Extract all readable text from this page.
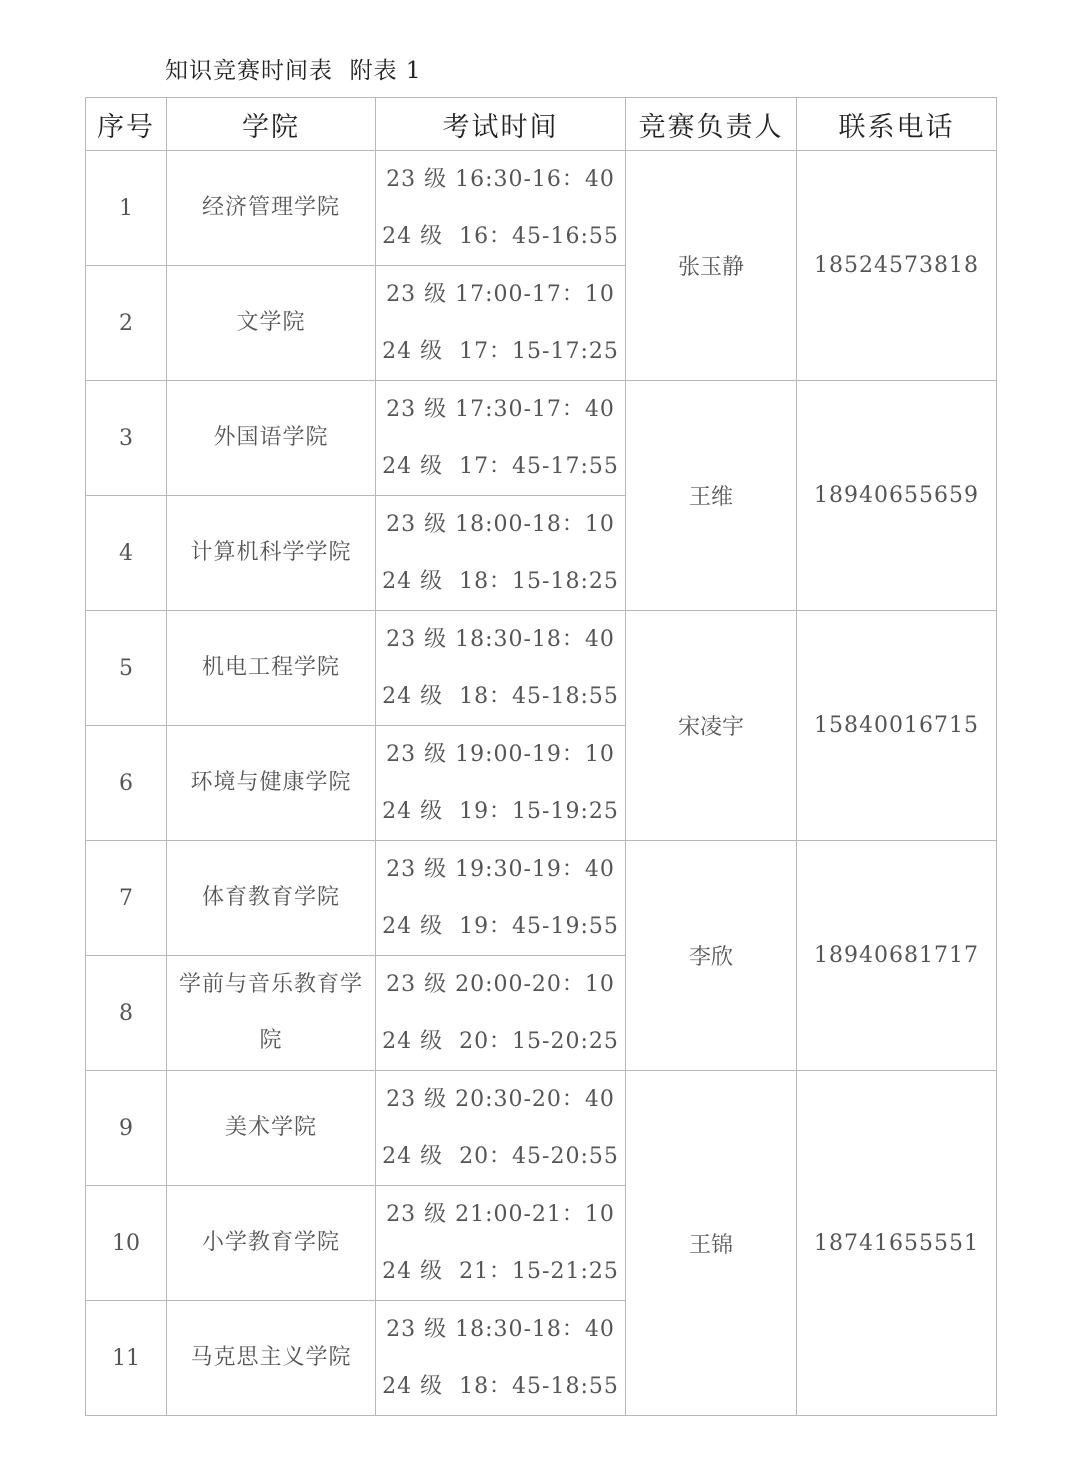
知识竞赛时间表  附表 1
序号	学院	考试时间	竞赛负责人	联系电话
1	经济管理学院	23 级 16:30-16：40
24 级  16：45-16:55	张玉静	18524573818
2	文学院	23 级 17:00-17：10
24 级  17：15-17:25		

3	外国语学院	23 级 17:30-17：40
24 级  17：45-17:55	王维	18940655659
4	计算机科学学院	23 级 18:00-18：10
24 级  18：15-18:25		

5	机电工程学院	23 级 18:30-18：40
24 级  18：45-18:55	宋凌宇	15840016715
6	环境与健康学院	23 级 19:00-19：10
24 级  19：15-19:25		

7	体育教育学院	23 级 19:30-19：40
24 级  19：45-19:55	李欣	18940681717
8	学前与音乐教育学院	23 级 20:00-20：10
24 级  20：15-20:25		

9	美术学院	23 级 20:30-20：40
24 级  20：45-20:55	王锦	18741655551
10	小学教育学院	23 级 21:00-21：10
24 级  21：15-21:25		

11	马克思主义学院	23 级 18:30-18：40
24 级  18：45-18:55		
